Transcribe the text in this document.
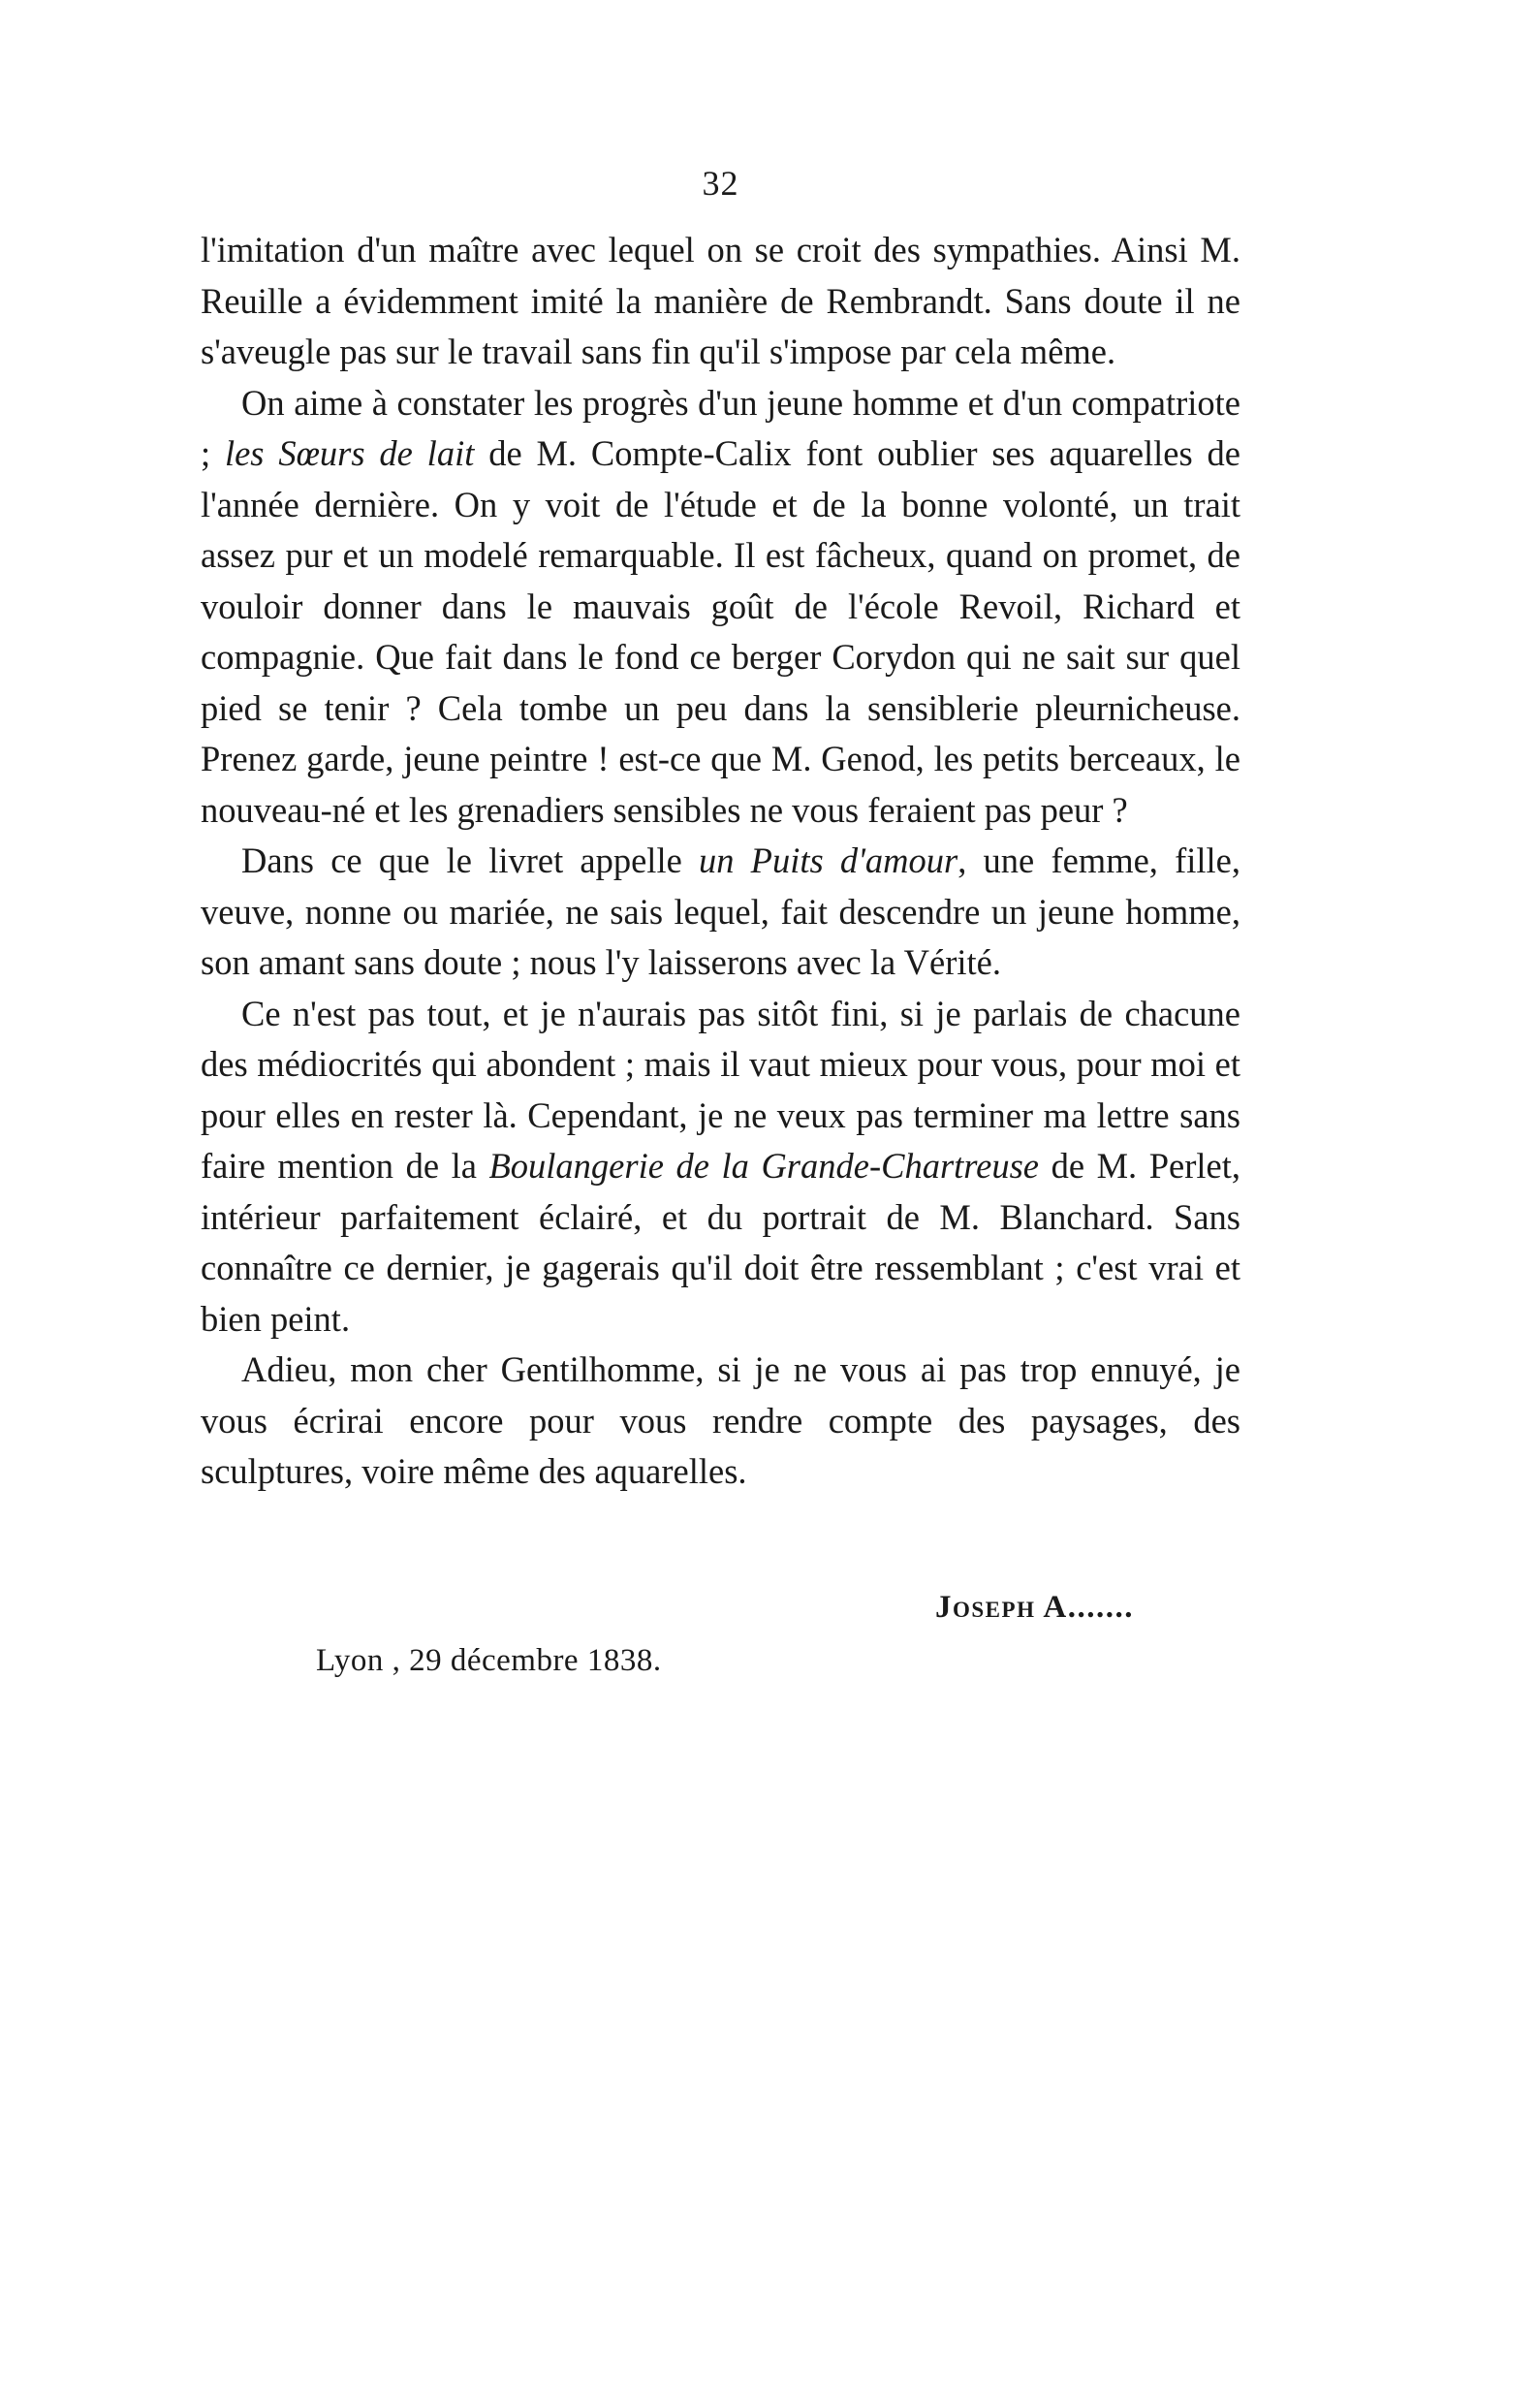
32

l'imitation d'un maître avec lequel on se croit des sympathies. Ainsi M. Reuille a évidemment imité la manière de Rembrandt. Sans doute il ne s'aveugle pas sur le travail sans fin qu'il s'impose par cela même.

On aime à constater les progrès d'un jeune homme et d'un compatriote ; les Sœurs de lait de M. Compte-Calix font oublier ses aquarelles de l'année dernière. On y voit de l'étude et de la bonne volonté, un trait assez pur et un modelé remarquable. Il est fâcheux, quand on promet, de vouloir donner dans le mauvais goût de l'école Revoil, Richard et compagnie. Que fait dans le fond ce berger Corydon qui ne sait sur quel pied se tenir ? Cela tombe un peu dans la sensiblerie pleurnicheuse. Prenez garde, jeune peintre ! est-ce que M. Genod, les petits berceaux, le nouveau-né et les grenadiers sensibles ne vous feraient pas peur ?

Dans ce que le livret appelle un Puits d'amour, une femme, fille, veuve, nonne ou mariée, ne sais lequel, fait descendre un jeune homme, son amant sans doute ; nous l'y laisserons avec la Vérité.

Ce n'est pas tout, et je n'aurais pas sitôt fini, si je parlais de chacune des médiocrités qui abondent ; mais il vaut mieux pour vous, pour moi et pour elles en rester là. Cependant, je ne veux pas terminer ma lettre sans faire mention de la Boulangerie de la Grande-Chartreuse de M. Perlet, intérieur parfaitement éclairé, et du portrait de M. Blanchard. Sans connaître ce dernier, je gagerais qu'il doit être ressemblant ; c'est vrai et bien peint.

Adieu, mon cher Gentilhomme, si je ne vous ai pas trop ennuyé, je vous écrirai encore pour vous rendre compte des paysages, des sculptures, voire même des aquarelles.

Joseph A.......
Lyon , 29 décembre 1838.
